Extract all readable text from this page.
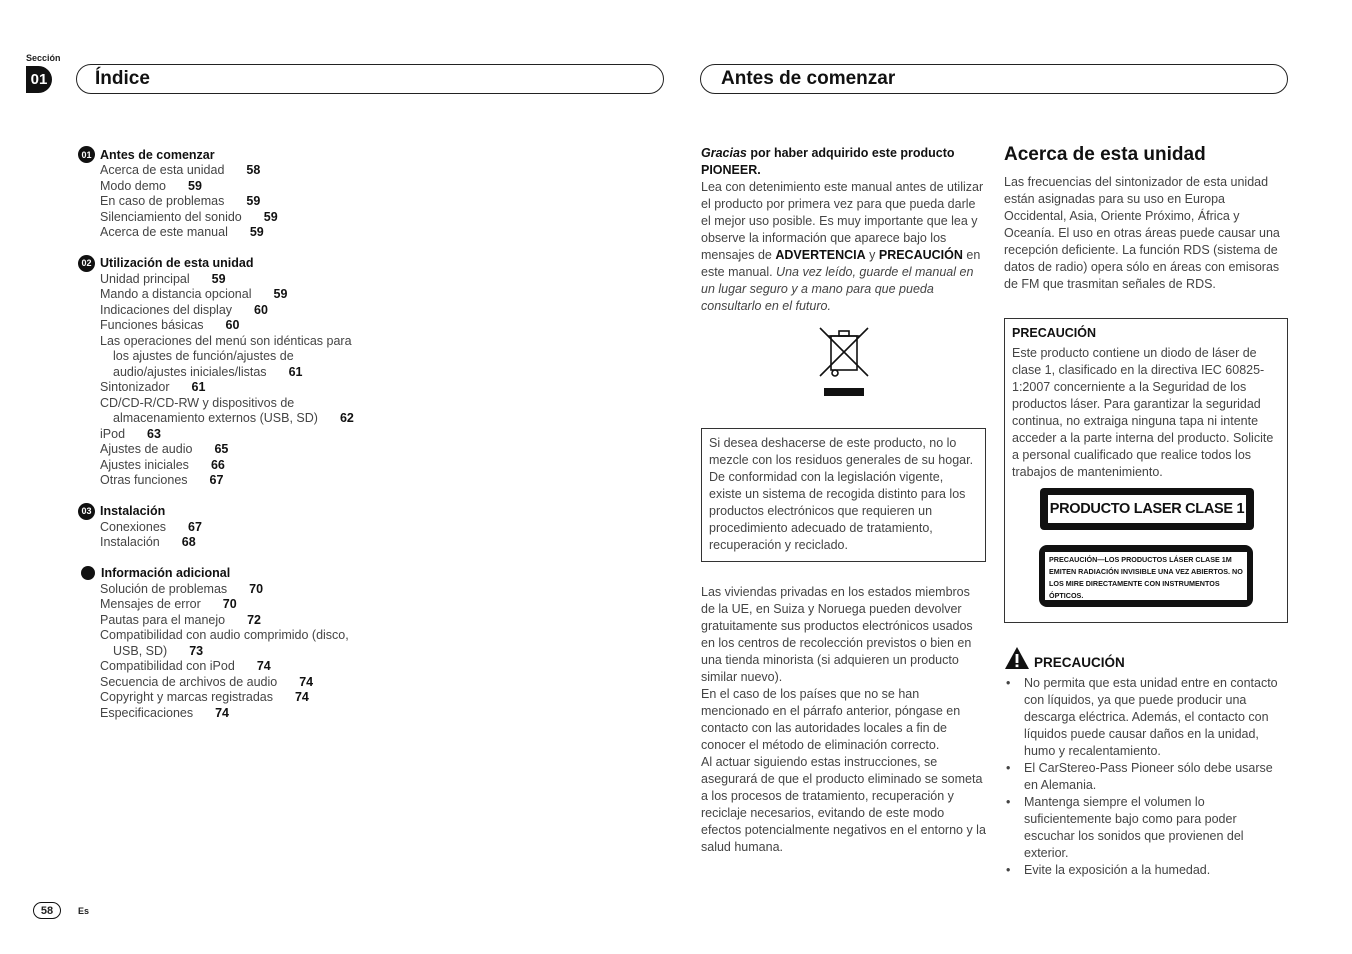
Sección
01	Índice	Antes de comenzar
01 Antes de comenzar
Acerca de esta unidad 58
Modo demo 59
En caso de problemas 59
Silenciamiento del sonido 59
Acerca de este manual 59
02 Utilización de esta unidad
Unidad principal 59
Mando a distancia opcional 59
Indicaciones del display 60
Funciones básicas 60
Las operaciones del menú son idénticas para los ajustes de función/ajustes de audio/ajustes iniciales/listas 61
Sintonizador 61
CD/CD-R/CD-RW y dispositivos de almacenamiento externos (USB, SD) 62
iPod 63
Ajustes de audio 65
Ajustes iniciales 66
Otras funciones 67
03 Instalación
Conexiones 67
Instalación 68
Información adicional
Solución de problemas 70
Mensajes de error 70
Pautas para el manejo 72
Compatibilidad con audio comprimido (disco, USB, SD) 73
Compatibilidad con iPod 74
Secuencia de archivos de audio 74
Copyright y marcas registradas 74
Especificaciones 74

Gracias por haber adquirido este producto PIONEER.

Lea con detenimiento este manual antes de utilizar el producto por primera vez para que pueda darle el mejor uso posible. Es muy importante que lea y observe la información que aparece bajo los mensajes de ADVERTENCIA y PRECAUCIÓN en este manual. Una vez leído, guarde el manual en un lugar seguro y a mano para que pueda consultarlo en el futuro.

Si desea deshacerse de este producto, no lo mezcle con los residuos generales de su hogar. De conformidad con la legislación vigente, existe un sistema de recogida distinto para los productos electrónicos que requieren un procedimiento adecuado de tratamiento, recuperación y reciclado.

Las viviendas privadas en los estados miembros de la UE, en Suiza y Noruega pueden devolver gratuitamente sus productos electrónicos usados en los centros de recolección previstos o bien en una tienda minorista (si adquieren un producto similar nuevo).

En el caso de los países que no se han mencionado en el párrafo anterior, póngase en contacto con las autoridades locales a fin de conocer el método de eliminación correcto.

Al actuar siguiendo estas instrucciones, se asegurará de que el producto eliminado se someta a los procesos de tratamiento, recuperación y reciclaje necesarios, evitando de este modo efectos potencialmente negativos en el entorno y la salud humana.

Acerca de esta unidad
Las frecuencias del sintonizador de esta unidad están asignadas para su uso en Europa Occidental, Asia, Oriente Próximo, África y Oceanía. El uso en otras áreas puede causar una recepción deficiente. La función RDS (sistema de datos de radio) opera sólo en áreas con emisoras de FM que trasmitan señales de RDS.

PRECAUCIÓN

Este producto contiene un diodo de láser de clase 1, clasificado en la directiva IEC 60825-1:2007 concerniente a la Seguridad de los productos láser. Para garantizar la seguridad continua, no extraiga ninguna tapa ni intente acceder a la parte interna del producto. Solicite a personal cualificado que realice todos los trabajos de mantenimiento.

PRODUCTO LASER CLASE 1
PRECAUCIÓN—LOS PRODUCTOS LÁSER CLASE 1M EMITEN RADIACIÓN INVISIBLE UNA VEZ ABIERTOS. NO LOS MIRE DIRECTAMENTE CON INSTRUMENTOS ÓPTICOS.
PRECAUCIÓN
• No permita que esta unidad entre en contacto con líquidos, ya que puede producir una descarga eléctrica. Además, el contacto con líquidos puede causar daños en la unidad, humo y recalentamiento.
• El CarStereo-Pass Pioneer sólo debe usarse en Alemania.
• Mantenga siempre el volumen lo suficientemente bajo como para poder escuchar los sonidos que provienen del exterior.
• Evite la exposición a la humedad.
58	Es
